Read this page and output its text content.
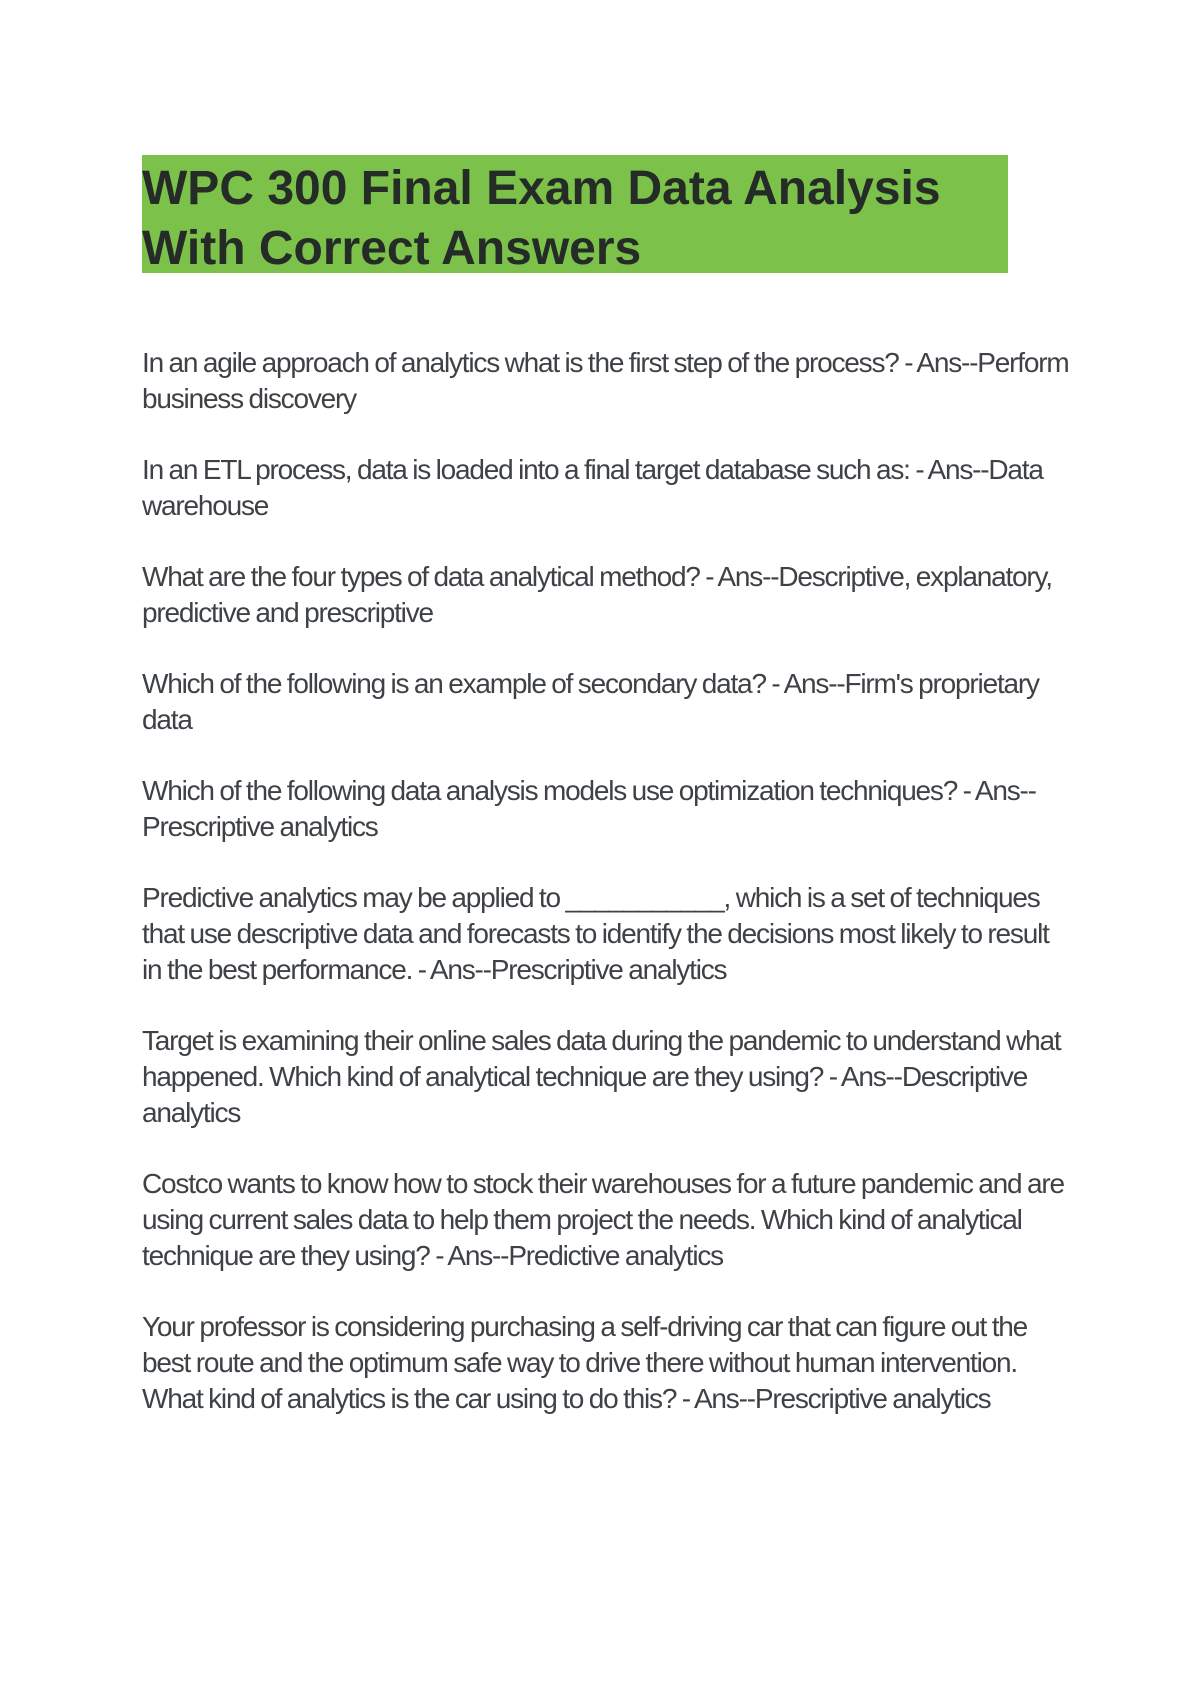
WPC 300 Final Exam Data Analysis With Correct Answers

In an agile approach of analytics what is the first step of the process? - Ans--Perform business discovery

In an ETL process, data is loaded into a final target database such as: - Ans--Data warehouse

What are the four types of data analytical method? - Ans--Descriptive, explanatory, predictive and prescriptive

Which of the following is an example of secondary data? - Ans--Firm's proprietary data

Which of the following data analysis models use optimization techniques? - Ans--Prescriptive analytics

Predictive analytics may be applied to ___________, which is a set of techniques that use descriptive data and forecasts to identify the decisions most likely to result in the best performance. - Ans--Prescriptive analytics

Target is examining their online sales data during the pandemic to understand what happened. Which kind of analytical technique are they using? - Ans--Descriptive analytics

Costco wants to know how to stock their warehouses for a future pandemic and are using current sales data to help them project the needs. Which kind of analytical technique are they using? - Ans--Predictive analytics

Your professor is considering purchasing a self-driving car that can figure out the best route and the optimum safe way to drive there without human intervention. What kind of analytics is the car using to do this? - Ans--Prescriptive analytics
